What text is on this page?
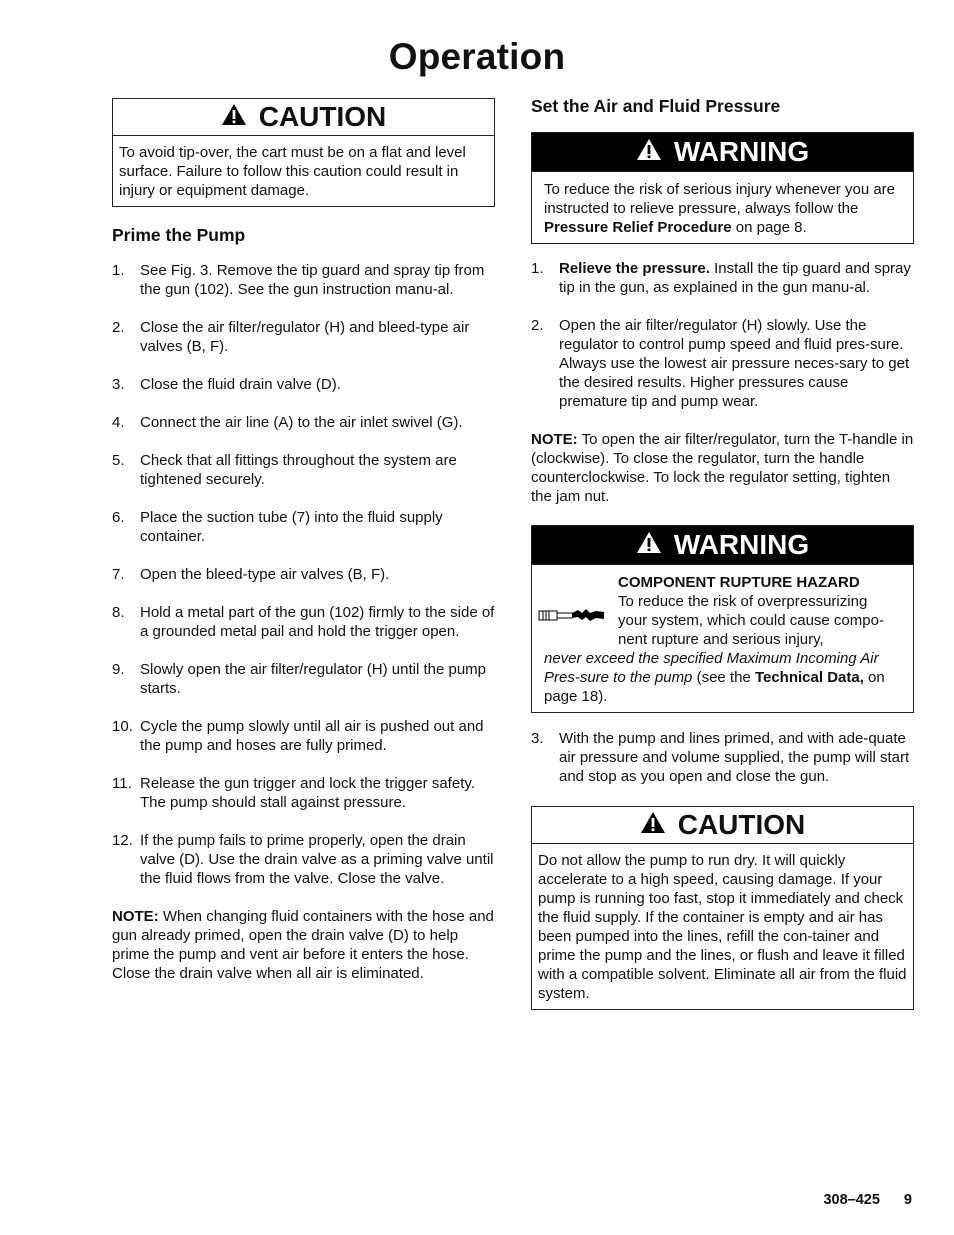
Operation
CAUTION
To avoid tip-over, the cart must be on a flat and level surface. Failure to follow this caution could result in injury or equipment damage.
Prime the Pump
1. See Fig. 3. Remove the tip guard and spray tip from the gun (102). See the gun instruction manu-al.
2. Close the air filter/regulator (H) and bleed-type air valves (B, F).
3. Close the fluid drain valve (D).
4. Connect the air line (A) to the air inlet swivel (G).
5. Check that all fittings throughout the system are tightened securely.
6. Place the suction tube (7) into the fluid supply container.
7. Open the bleed-type air valves (B, F).
8. Hold a metal part of the gun (102) firmly to the side of a grounded metal pail and hold the trigger open.
9. Slowly open the air filter/regulator (H) until the pump starts.
10. Cycle the pump slowly until all air is pushed out and the pump and hoses are fully primed.
11. Release the gun trigger and lock the trigger safety. The pump should stall against pressure.
12. If the pump fails to prime properly, open the drain valve (D). Use the drain valve as a priming valve until the fluid flows from the valve. Close the valve.

NOTE: When changing fluid containers with the hose and gun already primed, open the drain valve (D) to help prime the pump and vent air before it enters the hose. Close the drain valve when all air is eliminated.

Set the Air and Fluid Pressure
WARNING
To reduce the risk of serious injury whenever you are instructed to relieve pressure, always follow the Pressure Relief Procedure on page 8.
1. Relieve the pressure. Install the tip guard and spray tip in the gun, as explained in the gun manu-al.
2. Open the air filter/regulator (H) slowly. Use the regulator to control pump speed and fluid pres-sure. Always use the lowest air pressure neces-sary to get the desired results. Higher pressures cause premature tip and pump wear.

NOTE: To open the air filter/regulator, turn the T-handle in (clockwise). To close the regulator, turn the handle counterclockwise. To lock the regulator setting, tighten the jam nut.

WARNING
COMPONENT RUPTURE HAZARD
To reduce the risk of overpressurizing
your system, which could cause compo-
nent rupture and serious injury,
never exceed the specified Maximum Incoming Air Pres-sure to the pump (see the Technical Data, on page 18).
3. With the pump and lines primed, and with ade-quate air pressure and volume supplied, the pump will start and stop as you open and close the gun.
CAUTION
Do not allow the pump to run dry. It will quickly accelerate to a high speed, causing damage. If your pump is running too fast, stop it immediately and check the fluid supply. If the container is empty and air has been pumped into the lines, refill the con-tainer and prime the pump and the lines, or flush and leave it filled with a compatible solvent. Eliminate all air from the fluid system.
308–425 9
